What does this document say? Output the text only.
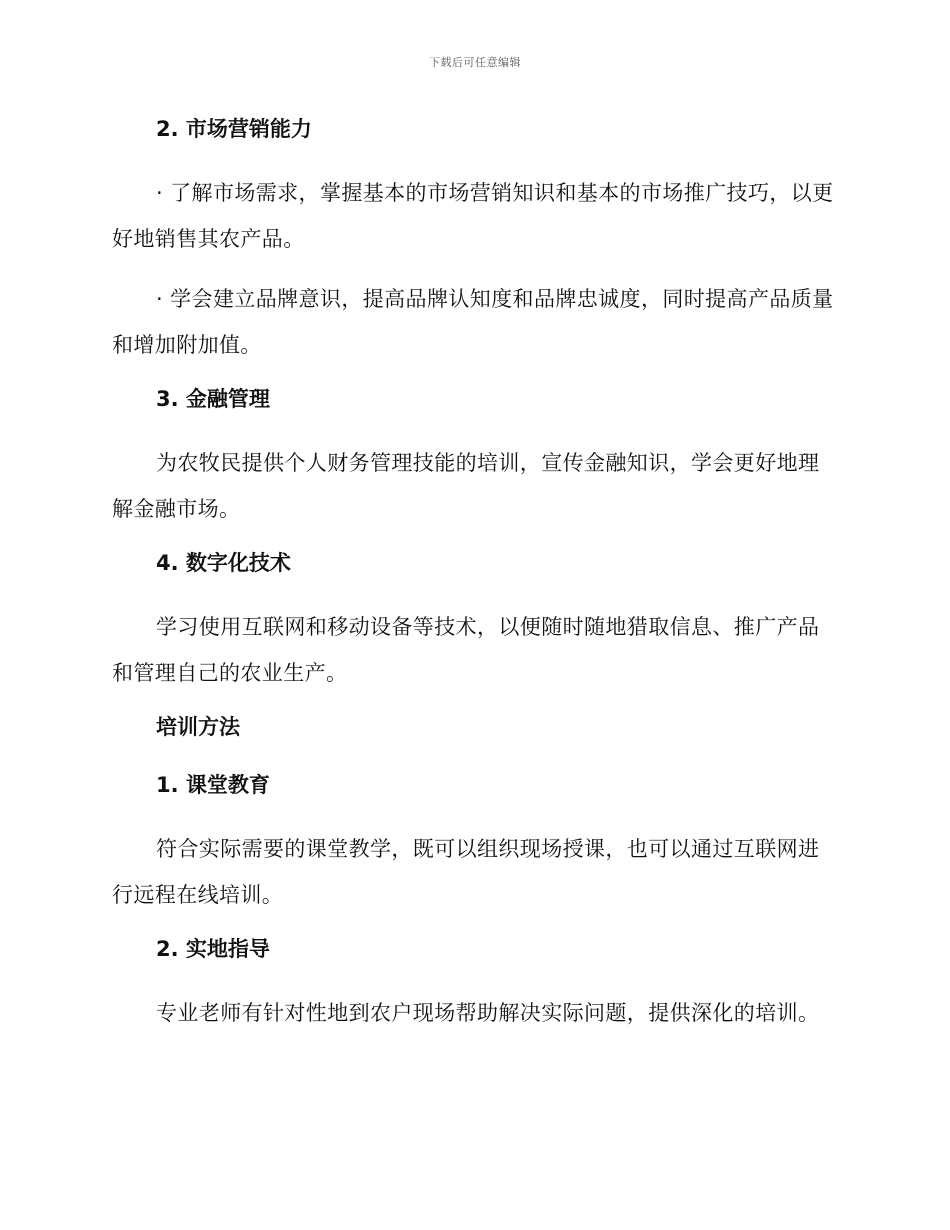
下载后可任意编辑
2. 市场营销能力
· 了解市场需求，掌握基本的市场营销知识和基本的市场推广技巧，以更好地销售其农产品。
· 学会建立品牌意识，提高品牌认知度和品牌忠诚度，同时提高产品质量和增加附加值。
3. 金融管理
为农牧民提供个人财务管理技能的培训，宣传金融知识，学会更好地理解金融市场。
4. 数字化技术
学习使用互联网和移动设备等技术，以便随时随地猎取信息、推广产品和管理自己的农业生产。
培训方法
1. 课堂教育
符合实际需要的课堂教学，既可以组织现场授课，也可以通过互联网进行远程在线培训。
2. 实地指导
专业老师有针对性地到农户现场帮助解决实际问题，提供深化的培训。
